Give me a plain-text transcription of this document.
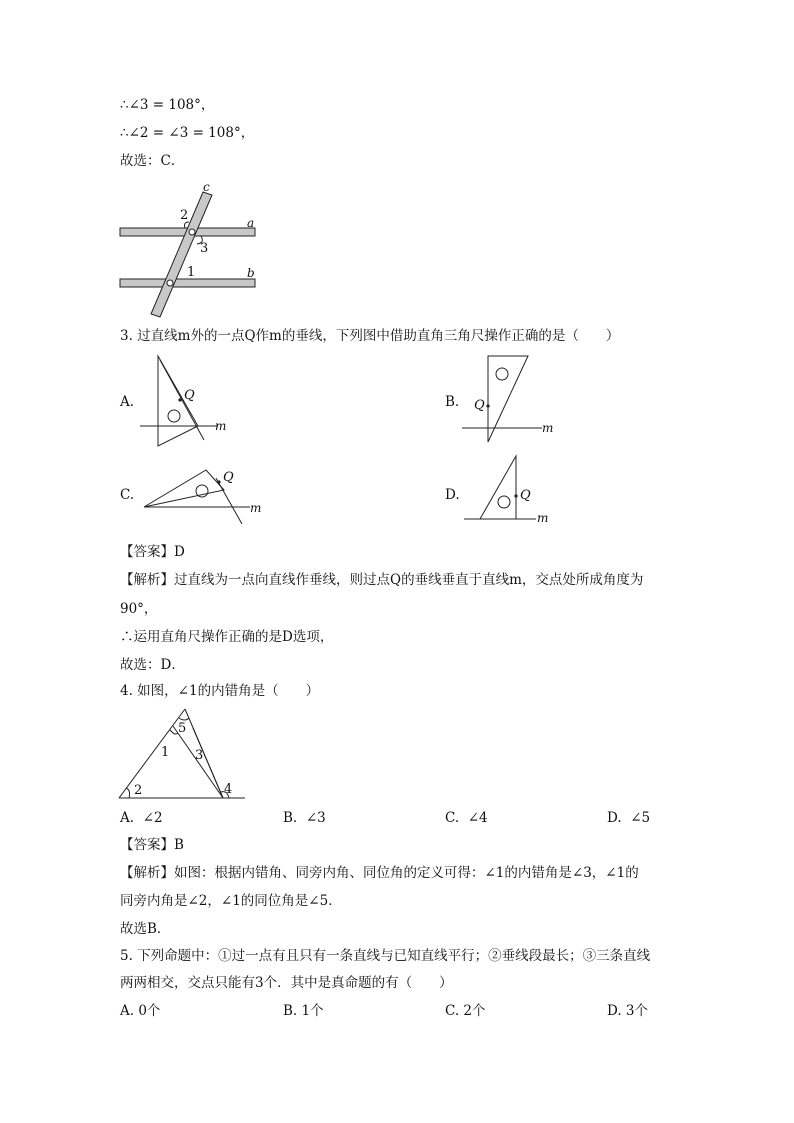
∴∠3 = 108°，
∴∠2 = ∠3 = 108°，
故选：C．
c
a
b
2
3
1
3. 过直线m外的一点Q作m的垂线，下列图中借助直角三角尺操作正确的是（　　）
A.	Q
m
B. Q
m
C.
Q
m
D.	Q
m
【答案】D
【解析】过直线为一点向直线作垂线，则过点Q的垂线垂直于直线m，交点处所成角度为
90°，
∴运用直角尺操作正确的是D选项，
故选：D．
4. 如图，∠1的内错角是（　　）
5
1 3
2	4
A. ∠2	B. ∠3	C. ∠4	D. ∠5
【答案】B
【解析】如图：根据内错角、同旁内角、同位角的定义可得：∠1的内错角是∠3，∠1的
同旁内角是∠2，∠1的同位角是∠5．
故选B．
5. 下列命题中：①过一点有且只有一条直线与已知直线平行；②垂线段最长；③三条直线
两两相交，交点只能有3个．其中是真命题的有（　　）
A. 0个	B. 1个	C. 2个	D. 3个
